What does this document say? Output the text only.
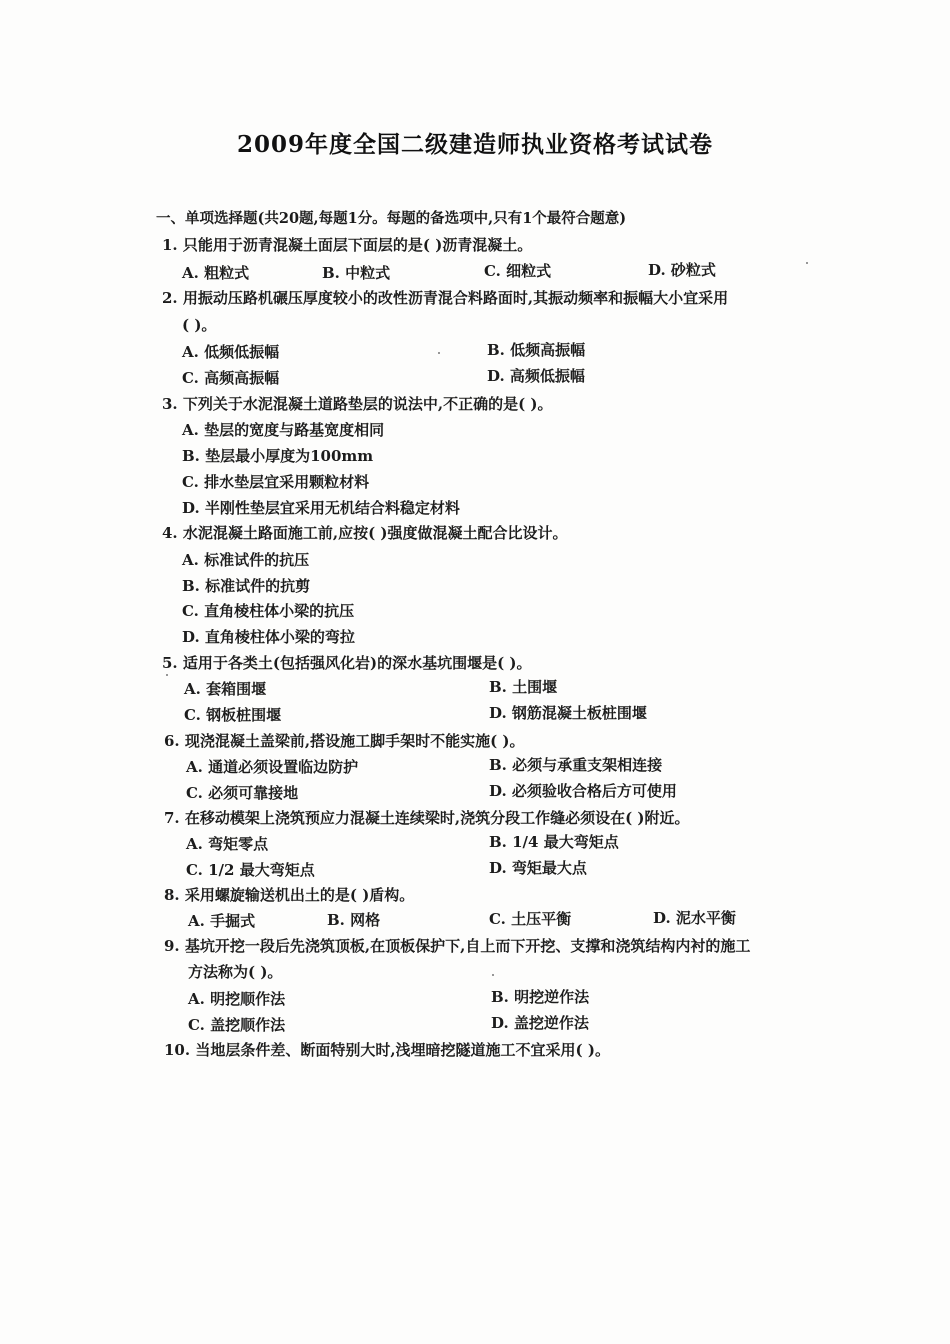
2009年度全国二级建造师执业资格考试试卷
一、单项选择题(共20题,每题1分。每题的备选项中,只有1个最符合题意)
1. 只能用于沥青混凝土面层下面层的是( )沥青混凝土。
A. 粗粒式	B. 中粒式	C. 细粒式	D. 砂粒式
2. 用振动压路机碾压厚度较小的改性沥青混合料路面时,其振动频率和振幅大小宜采用
( )。
A. 低频低振幅	B. 低频高振幅
C. 高频高振幅	D. 高频低振幅
3. 下列关于水泥混凝土道路垫层的说法中,不正确的是( )。
A. 垫层的宽度与路基宽度相同
B. 垫层最小厚度为100mm
C. 排水垫层宜采用颗粒材料
D. 半刚性垫层宜采用无机结合料稳定材料
4. 水泥混凝土路面施工前,应按( )强度做混凝土配合比设计。
A. 标准试件的抗压
B. 标准试件的抗剪
C. 直角棱柱体小梁的抗压
D. 直角棱柱体小梁的弯拉
5. 适用于各类土(包括强风化岩)的深水基坑围堰是( )。
A. 套箱围堰	B. 土围堰
C. 钢板桩围堰	D. 钢筋混凝土板桩围堰
6. 现浇混凝土盖梁前,搭设施工脚手架时不能实施( )。
A. 通道必须设置临边防护	B. 必须与承重支架相连接
C. 必须可靠接地	D. 必须验收合格后方可使用
7. 在移动模架上浇筑预应力混凝土连续梁时,浇筑分段工作缝必须设在( )附近。
A. 弯矩零点	B. 1/4 最大弯矩点
C. 1/2 最大弯矩点	D. 弯矩最大点
8. 采用螺旋输送机出土的是( )盾构。
A. 手掘式	B. 网格	C. 土压平衡	D. 泥水平衡
9. 基坑开挖一段后先浇筑顶板,在顶板保护下,自上而下开挖、支撑和浇筑结构内衬的施工
方法称为( )。
A. 明挖顺作法	B. 明挖逆作法
C. 盖挖顺作法	D. 盖挖逆作法
10. 当地层条件差、断面特别大时,浅埋暗挖隧道施工不宜采用( )。
